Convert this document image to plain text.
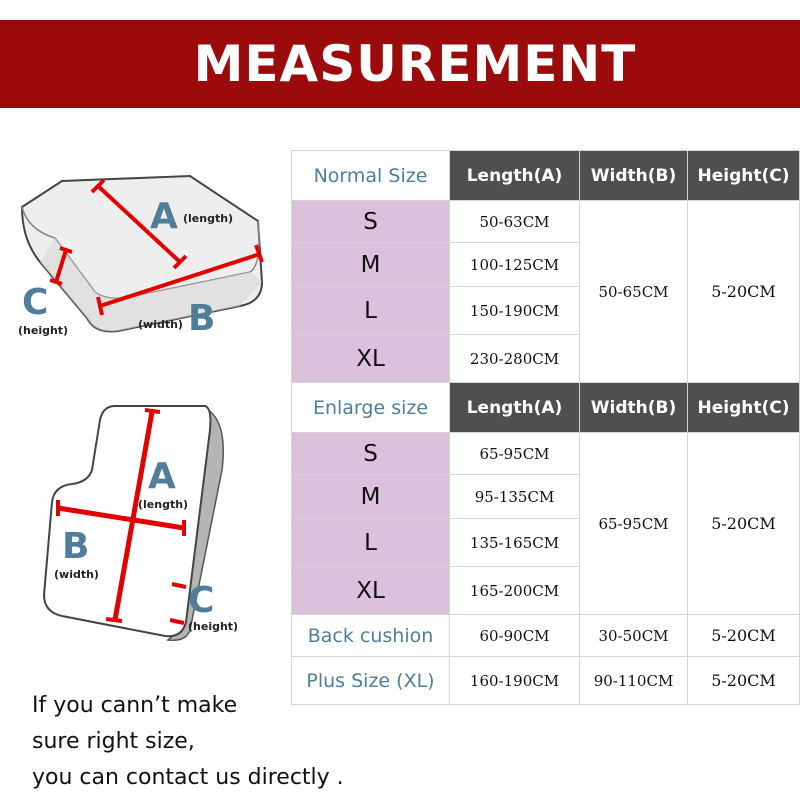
MEASUREMENT
A (length)
B
(width)
C
(height)
A
(length)
B
(width)
C
(height)
Normal Size	Length(A)	Width(B)	Height(C)
S	50-63CM	50-65CM	5-20CM
M	100-125CM		
L	150-190CM		
XL	230-280CM		
Enlarge size	Length(A)	Width(B)	Height(C)
S	65-95CM	65-95CM	5-20CM
M	95-135CM		
L	135-165CM		
XL	165-200CM		
Back cushion	60-90CM	30-50CM	5-20CM
Plus Size (XL)	160-190CM	90-110CM	5-20CM
If you cann’t make
sure right size,
you can contact us directly .
